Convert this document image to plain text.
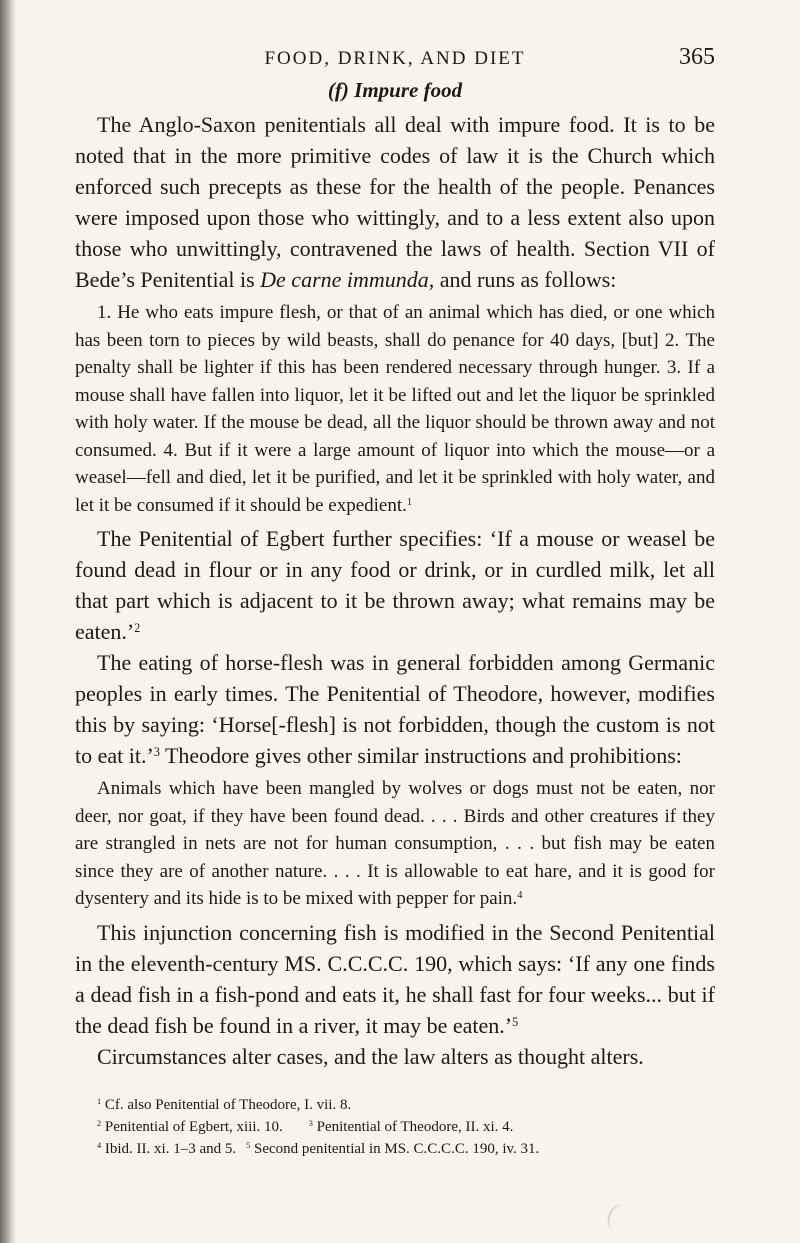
FOOD, DRINK, AND DIET	365
(f) Impure food

The Anglo-Saxon penitentials all deal with impure food. It is to be noted that in the more primitive codes of law it is the Church which enforced such precepts as these for the health of the people. Penances were imposed upon those who wittingly, and to a less extent also upon those who unwittingly, contravened the laws of health. Section VII of Bede’s Penitential is De carne immunda, and runs as follows:

1. He who eats impure flesh, or that of an animal which has died, or one which has been torn to pieces by wild beasts, shall do penance for 40 days, [but] 2. The penalty shall be lighter if this has been rendered necessary through hunger. 3. If a mouse shall have fallen into liquor, let it be lifted out and let the liquor be sprinkled with holy water. If the mouse be dead, all the liquor should be thrown away and not consumed. 4. But if it were a large amount of liquor into which the mouse—or a weasel—fell and died, let it be purified, and let it be sprinkled with holy water, and let it be consumed if it should be expedient.$^1$

The Penitential of Egbert further specifies: ‘If a mouse or weasel be found dead in flour or in any food or drink, or in curdled milk, let all that part which is adjacent to it be thrown away; what remains may be eaten.’$^2$

The eating of horse-flesh was in general forbidden among Germanic peoples in early times. The Penitential of Theodore, however, modifies this by saying: ‘Horse[-flesh] is not forbidden, though the custom is not to eat it.’$^3$ Theodore gives other similar instructions and prohibitions:

Animals which have been mangled by wolves or dogs must not be eaten, nor deer, nor goat, if they have been found dead. . . . Birds and other creatures if they are strangled in nets are not for human consumption, . . . but fish may be eaten since they are of another nature. . . . It is allowable to eat hare, and it is good for dysentery and its hide is to be mixed with pepper for pain.$^4$

This injunction concerning fish is modified in the Second Penitential in the eleventh-century MS. C.C.C.C. 190, which says: ‘If any one finds a dead fish in a fish-pond and eats it, he shall fast for four weeks... but if the dead fish be found in a river, it may be eaten.’$^5$

Circumstances alter cases, and the law alters as thought alters.

$^1$ Cf. also Penitential of Theodore, I. vii. 8.
$^2$ Penitential of Egbert, xiii. 10.	$^3$ Penitential of Theodore, II. xi. 4.
$^4$ Ibid. II. xi. 1–3 and 5. $^5$ Second penitential in MS. C.C.C.C. 190, iv. 31.
